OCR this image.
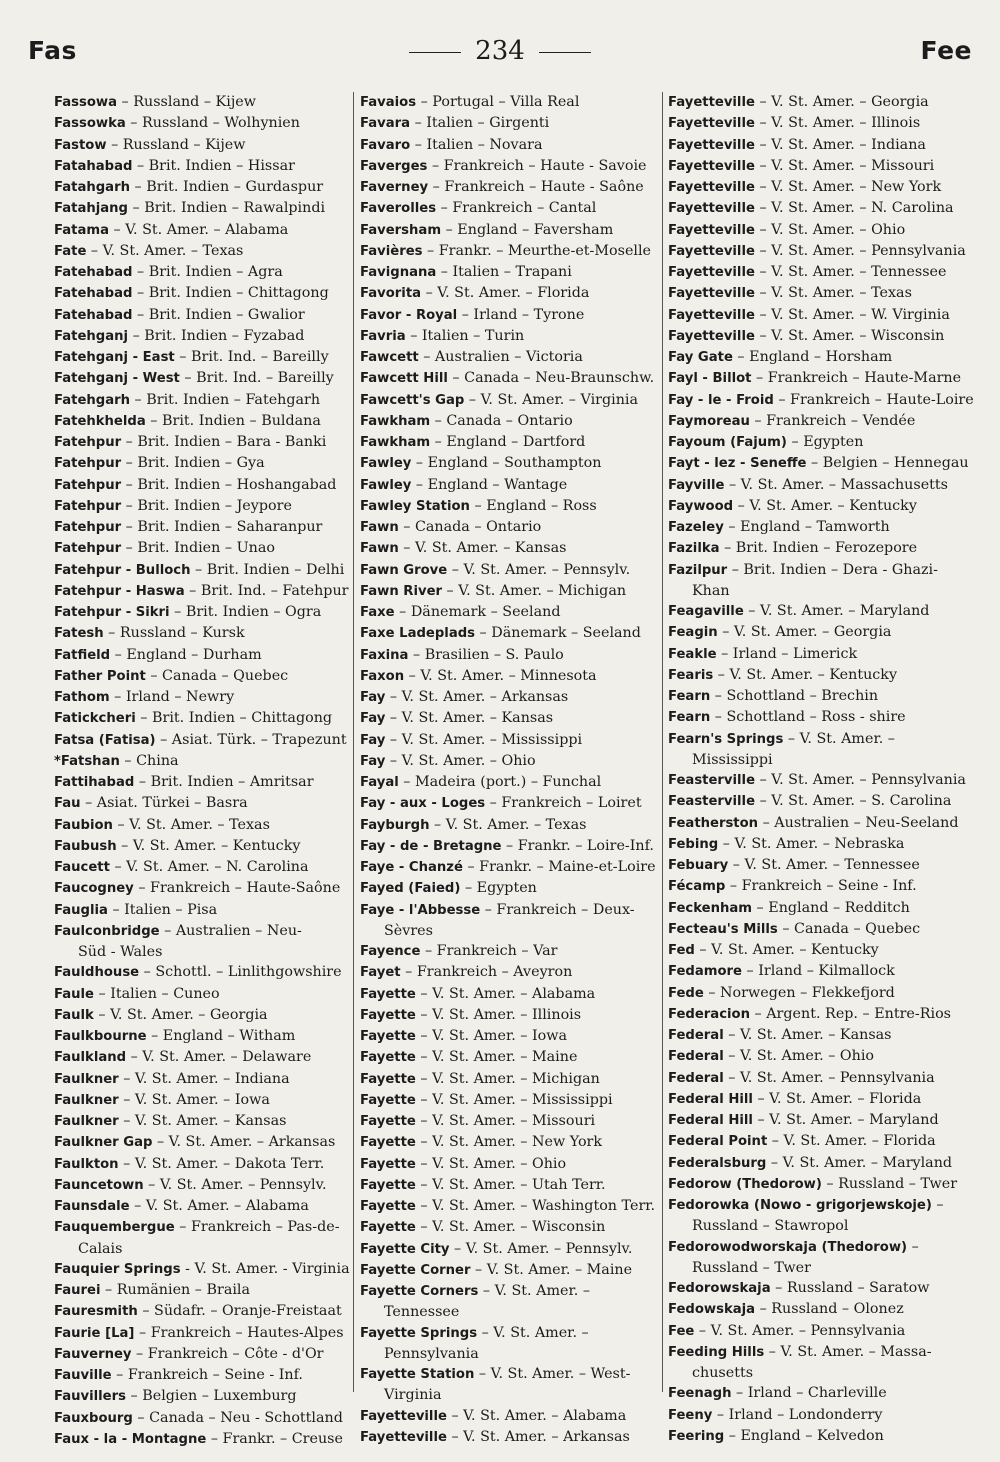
Fas	234	Fee
Fassowa – Russland – Kijew
Fassowka – Russland – Wolhynien
Fastow – Russland – Kijew
Fatahabad – Brit. Indien – Hissar
Fatahgarh – Brit. Indien – Gurdaspur
Fatahjang – Brit. Indien – Rawalpindi
Fatama – V. St. Amer. – Alabama
Fate – V. St. Amer. – Texas
Fatehabad – Brit. Indien – Agra
Fatehabad – Brit. Indien – Chittagong
Fatehabad – Brit. Indien – Gwalior
Fatehganj – Brit. Indien – Fyzabad
Fatehganj - East – Brit. Ind. – Bareilly
Fatehganj - West – Brit. Ind. – Bareilly
Fatehgarh – Brit. Indien – Fatehgarh
Fatehkhelda – Brit. Indien – Buldana
Fatehpur – Brit. Indien – Bara - Banki
Fatehpur – Brit. Indien – Gya
Fatehpur – Brit. Indien – Hoshangabad
Fatehpur – Brit. Indien – Jeypore
Fatehpur – Brit. Indien – Saharanpur
Fatehpur – Brit. Indien – Unao
Fatehpur - Bulloch – Brit. Indien – Delhi
Fatehpur - Haswa – Brit. Ind. – Fatehpur
Fatehpur - Sikri – Brit. Indien – Ogra
Fatesh – Russland – Kursk
Fatfield – England – Durham
Father Point – Canada – Quebec
Fathom – Irland – Newry
Fatickcheri – Brit. Indien – Chittagong
Fatsa (Fatisa) – Asiat. Türk. – Trapezunt
*Fatshan – China
Fattihabad – Brit. Indien – Amritsar
Fau – Asiat. Türkei – Basra
Faubion – V. St. Amer. – Texas
Faubush – V. St. Amer. – Kentucky
Faucett – V. St. Amer. – N. Carolina
Faucogney – Frankreich – Haute-Saône
Fauglia – Italien – Pisa
Faulconbridge – Australien – Neu-
Süd - Wales
Fauldhouse – Schottl. – Linlithgowshire
Faule – Italien – Cuneo
Faulk – V. St. Amer. – Georgia
Faulkbourne – England – Witham
Faulkland – V. St. Amer. – Delaware
Faulkner – V. St. Amer. – Indiana
Faulkner – V. St. Amer. – Iowa
Faulkner – V. St. Amer. – Kansas
Faulkner Gap – V. St. Amer. – Arkansas
Faulkton – V. St. Amer. – Dakota Terr.
Fauncetown – V. St. Amer. – Pennsylv.
Faunsdale – V. St. Amer. – Alabama
Fauquembergue – Frankreich – Pas-de-
Calais
Fauquier Springs - V. St. Amer. - Virginia
Faurei – Rumänien – Braila
Fauresmith – Südafr. – Oranje-Freistaat
Faurie [La] – Frankreich – Hautes-Alpes
Fauverney – Frankreich – Côte - d'Or
Fauville – Frankreich – Seine - Inf.
Fauvillers – Belgien – Luxemburg
Fauxbourg – Canada – Neu - Schottland
Faux - la - Montagne – Frankr. – Creuse
Favaios – Portugal – Villa Real
Favara – Italien – Girgenti
Favaro – Italien – Novara
Faverges – Frankreich – Haute - Savoie
Faverney – Frankreich – Haute - Saône
Faverolles – Frankreich – Cantal
Faversham – England – Faversham
Favières – Frankr. – Meurthe-et-Moselle
Favignana – Italien – Trapani
Favorita – V. St. Amer. – Florida
Favor - Royal – Irland – Tyrone
Favria – Italien – Turin
Fawcett – Australien – Victoria
Fawcett Hill – Canada – Neu-Braunschw.
Fawcett's Gap – V. St. Amer. – Virginia
Fawkham – Canada – Ontario
Fawkham – England – Dartford
Fawley – England – Southampton
Fawley – England – Wantage
Fawley Station – England – Ross
Fawn – Canada – Ontario
Fawn – V. St. Amer. – Kansas
Fawn Grove – V. St. Amer. – Pennsylv.
Fawn River – V. St. Amer. – Michigan
Faxe – Dänemark – Seeland
Faxe Ladeplads – Dänemark – Seeland
Faxina – Brasilien – S. Paulo
Faxon – V. St. Amer. – Minnesota
Fay – V. St. Amer. – Arkansas
Fay – V. St. Amer. – Kansas
Fay – V. St. Amer. – Mississippi
Fay – V. St. Amer. – Ohio
Fayal – Madeira (port.) – Funchal
Fay - aux - Loges – Frankreich – Loiret
Fayburgh – V. St. Amer. – Texas
Fay - de - Bretagne – Frankr. – Loire-Inf.
Faye - Chanzé – Frankr. – Maine-et-Loire
Fayed (Faied) – Egypten
Faye - l'Abbesse – Frankreich – Deux-
Sèvres
Fayence – Frankreich – Var
Fayet – Frankreich – Aveyron
Fayette – V. St. Amer. – Alabama
Fayette – V. St. Amer. – Illinois
Fayette – V. St. Amer. – Iowa
Fayette – V. St. Amer. – Maine
Fayette – V. St. Amer. – Michigan
Fayette – V. St. Amer. – Mississippi
Fayette – V. St. Amer. – Missouri
Fayette – V. St. Amer. – New York
Fayette – V. St. Amer. – Ohio
Fayette – V. St. Amer. – Utah Terr.
Fayette – V. St. Amer. – Washington Terr.
Fayette – V. St. Amer. – Wisconsin
Fayette City – V. St. Amer. – Pennsylv.
Fayette Corner – V. St. Amer. – Maine
Fayette Corners – V. St. Amer. –
Tennessee
Fayette Springs – V. St. Amer. –
Pennsylvania
Fayette Station – V. St. Amer. – West-
Virginia
Fayetteville – V. St. Amer. – Alabama
Fayetteville – V. St. Amer. – Arkansas
Fayetteville – V. St. Amer. – Georgia
Fayetteville – V. St. Amer. – Illinois
Fayetteville – V. St. Amer. – Indiana
Fayetteville – V. St. Amer. – Missouri
Fayetteville – V. St. Amer. – New York
Fayetteville – V. St. Amer. – N. Carolina
Fayetteville – V. St. Amer. – Ohio
Fayetteville – V. St. Amer. – Pennsylvania
Fayetteville – V. St. Amer. – Tennessee
Fayetteville – V. St. Amer. – Texas
Fayetteville – V. St. Amer. – W. Virginia
Fayetteville – V. St. Amer. – Wisconsin
Fay Gate – England – Horsham
Fayl - Billot – Frankreich – Haute-Marne
Fay - le - Froid – Frankreich – Haute-Loire
Faymoreau – Frankreich – Vendée
Fayoum (Fajum) – Egypten
Fayt - lez - Seneffe – Belgien – Hennegau
Fayville – V. St. Amer. – Massachusetts
Faywood – V. St. Amer. – Kentucky
Fazeley – England – Tamworth
Fazilka – Brit. Indien – Ferozepore
Fazilpur – Brit. Indien – Dera - Ghazi-
Khan
Feagaville – V. St. Amer. – Maryland
Feagin – V. St. Amer. – Georgia
Feakle – Irland – Limerick
Fearis – V. St. Amer. – Kentucky
Fearn – Schottland – Brechin
Fearn – Schottland – Ross - shire
Fearn's Springs – V. St. Amer. –
Mississippi
Feasterville – V. St. Amer. – Pennsylvania
Feasterville – V. St. Amer. – S. Carolina
Featherston – Australien – Neu-Seeland
Febing – V. St. Amer. – Nebraska
Febuary – V. St. Amer. – Tennessee
Fécamp – Frankreich – Seine - Inf.
Feckenham – England – Redditch
Fecteau's Mills – Canada – Quebec
Fed – V. St. Amer. – Kentucky
Fedamore – Irland – Kilmallock
Fede – Norwegen – Flekkefjord
Federacion – Argent. Rep. – Entre-Rios
Federal – V. St. Amer. – Kansas
Federal – V. St. Amer. – Ohio
Federal – V. St. Amer. – Pennsylvania
Federal Hill – V. St. Amer. – Florida
Federal Hill – V. St. Amer. – Maryland
Federal Point – V. St. Amer. – Florida
Federalsburg – V. St. Amer. – Maryland
Fedorow (Thedorow) – Russland – Twer
Fedorowka (Nowo - grigorjewskoje) –
Russland – Stawropol
Fedorowodworskaja (Thedorow) –
Russland – Twer
Fedorowskaja – Russland – Saratow
Fedowskaja – Russland – Olonez
Fee – V. St. Amer. – Pennsylvania
Feeding Hills – V. St. Amer. – Massa-
chusetts
Feenagh – Irland – Charleville
Feeny – Irland – Londonderry
Feering – England – Kelvedon
